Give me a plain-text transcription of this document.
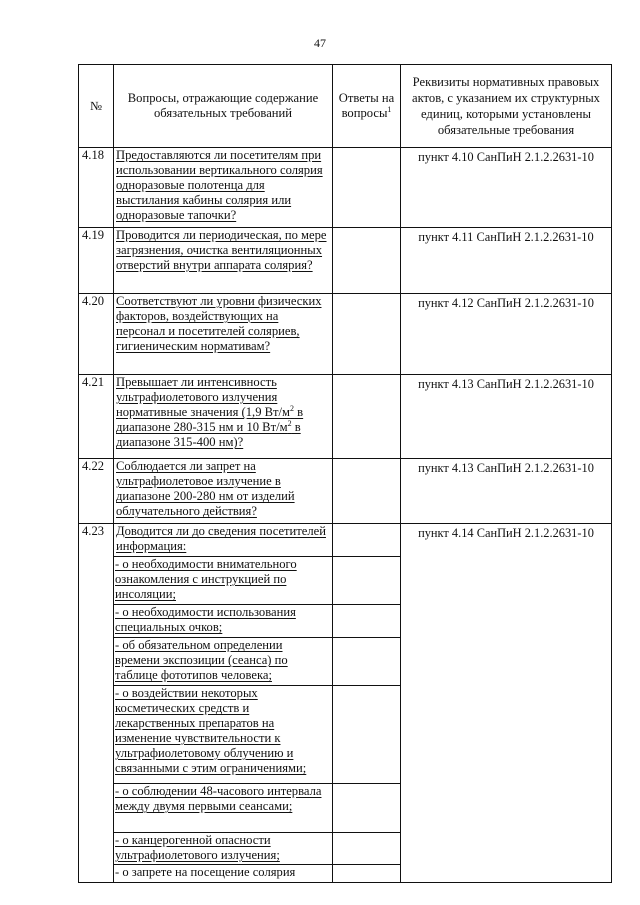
47
№	Вопросы, отражающие содержание обязательных требований	Ответы на вопросы$^1$	Реквизиты нормативных правовых актов, с указанием их структурных единиц, которыми установлены обязательные требования
4.18	Предоставляются ли посетителям при использовании вертикального солярия одноразовые полотенца для выстилания кабины солярия или одноразовые тапочки?		пункт 4.10 СанПиН 2.1.2.2631-10
4.19	Проводится ли периодическая, по мере загрязнения, очистка вентиляционных отверстий внутри аппарата солярия?		пункт 4.11 СанПиН 2.1.2.2631-10
4.20	Соответствуют ли уровни физических факторов, воздействующих на персонал и посетителей соляриев, гигиеническим нормативам?		пункт 4.12 СанПиН 2.1.2.2631-10
4.21	Превышает ли интенсивность ультрафиолетового излучения нормативные значения (1,9 $Вт/м^2$ в диапазоне 280-315 нм и 10 $Вт/м^2$ в диапазоне 315-400 нм)?		пункт 4.13 СанПиН 2.1.2.2631-10
4.22	Соблюдается ли запрет на ультрафиолетовое излучение в диапазоне 200-280 нм от изделий облучательного действия?		пункт 4.13 СанПиН 2.1.2.2631-10
4.23	Доводится ли до сведения посетителей информация:		пункт 4.14 СанПиН 2.1.2.2631-10
	- о необходимости внимательного ознакомления с инструкцией по инсоляции;		
	- о необходимости использования специальных очков;		
	- об обязательном определении времени экспозиции (сеанса) по таблице фототипов человека;		
	- о воздействии некоторых косметических средств и лекарственных препаратов на изменение чувствительности к ультрафиолетовому облучению и связанными с этим ограничениями;		
	- о соблюдении 48-часового интервала между двумя первыми сеансами;		
	- о канцерогенной опасности ультрафиолетового излучения;		
	- о запрете на посещение солярия		
